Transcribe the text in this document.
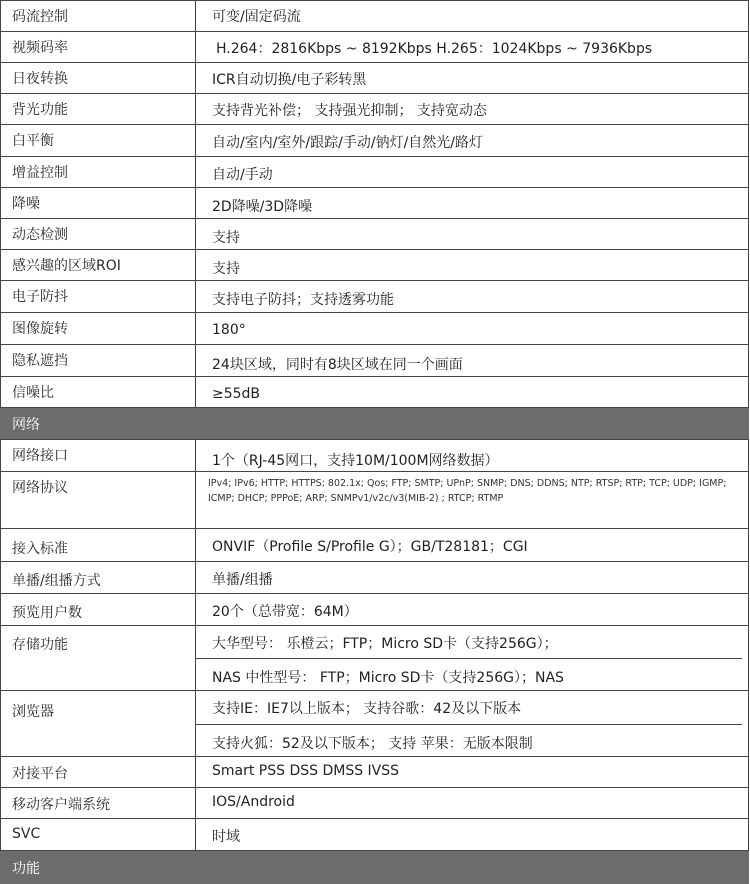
码流控制	可变/固定码流
视频码率	H.264：2816Kbps ~ 8192Kbps H.265：1024Kbps ~ 7936Kbps
日夜转换	ICR自动切换/电子彩转黑
背光功能	支持背光补偿； 支持强光抑制； 支持宽动态
白平衡	自动/室内/室外/跟踪/手动/钠灯/自然光/路灯
增益控制	自动/手动
降噪	2D降噪/3D降噪
动态检测	支持
感兴趣的区域ROI	支持
电子防抖	支持电子防抖；支持透雾功能
图像旋转	180°
隐私遮挡	24块区域，同时有8块区域在同一个画面
信噪比	≥55dB
网络
网络接口	1个（RJ-45网口，支持10M/100M网络数据）
网络协议	IPv4; IPv6; HTTP; HTTPS; 802.1x; Qos; FTP; SMTP; UPnP; SNMP; DNS; DDNS; NTP; RTSP; RTP; TCP; UDP; IGMP; ICMP; DHCP; PPPoE; ARP; SNMPv1/v2c/v3(MIB-2) ; RTCP; RTMP
接入标准	ONVIF（Profile S/Profile G）；GB/T28181；CGI
单播/组播方式	单播/组播
预览用户数	20个（总带宽：64M）
存储功能	大华型号： 乐橙云；FTP；Micro SD卡（支持256G）；
NAS 中性型号： FTP；Micro SD卡（支持256G）；NAS
浏览器	支持IE：IE7以上版本； 支持谷歌：42及以下版本
支持火狐：52及以下版本； 支持 苹果：无版本限制
对接平台	Smart PSS DSS DMSS IVSS
移动客户端系统	IOS/Android
SVC	时域
功能
